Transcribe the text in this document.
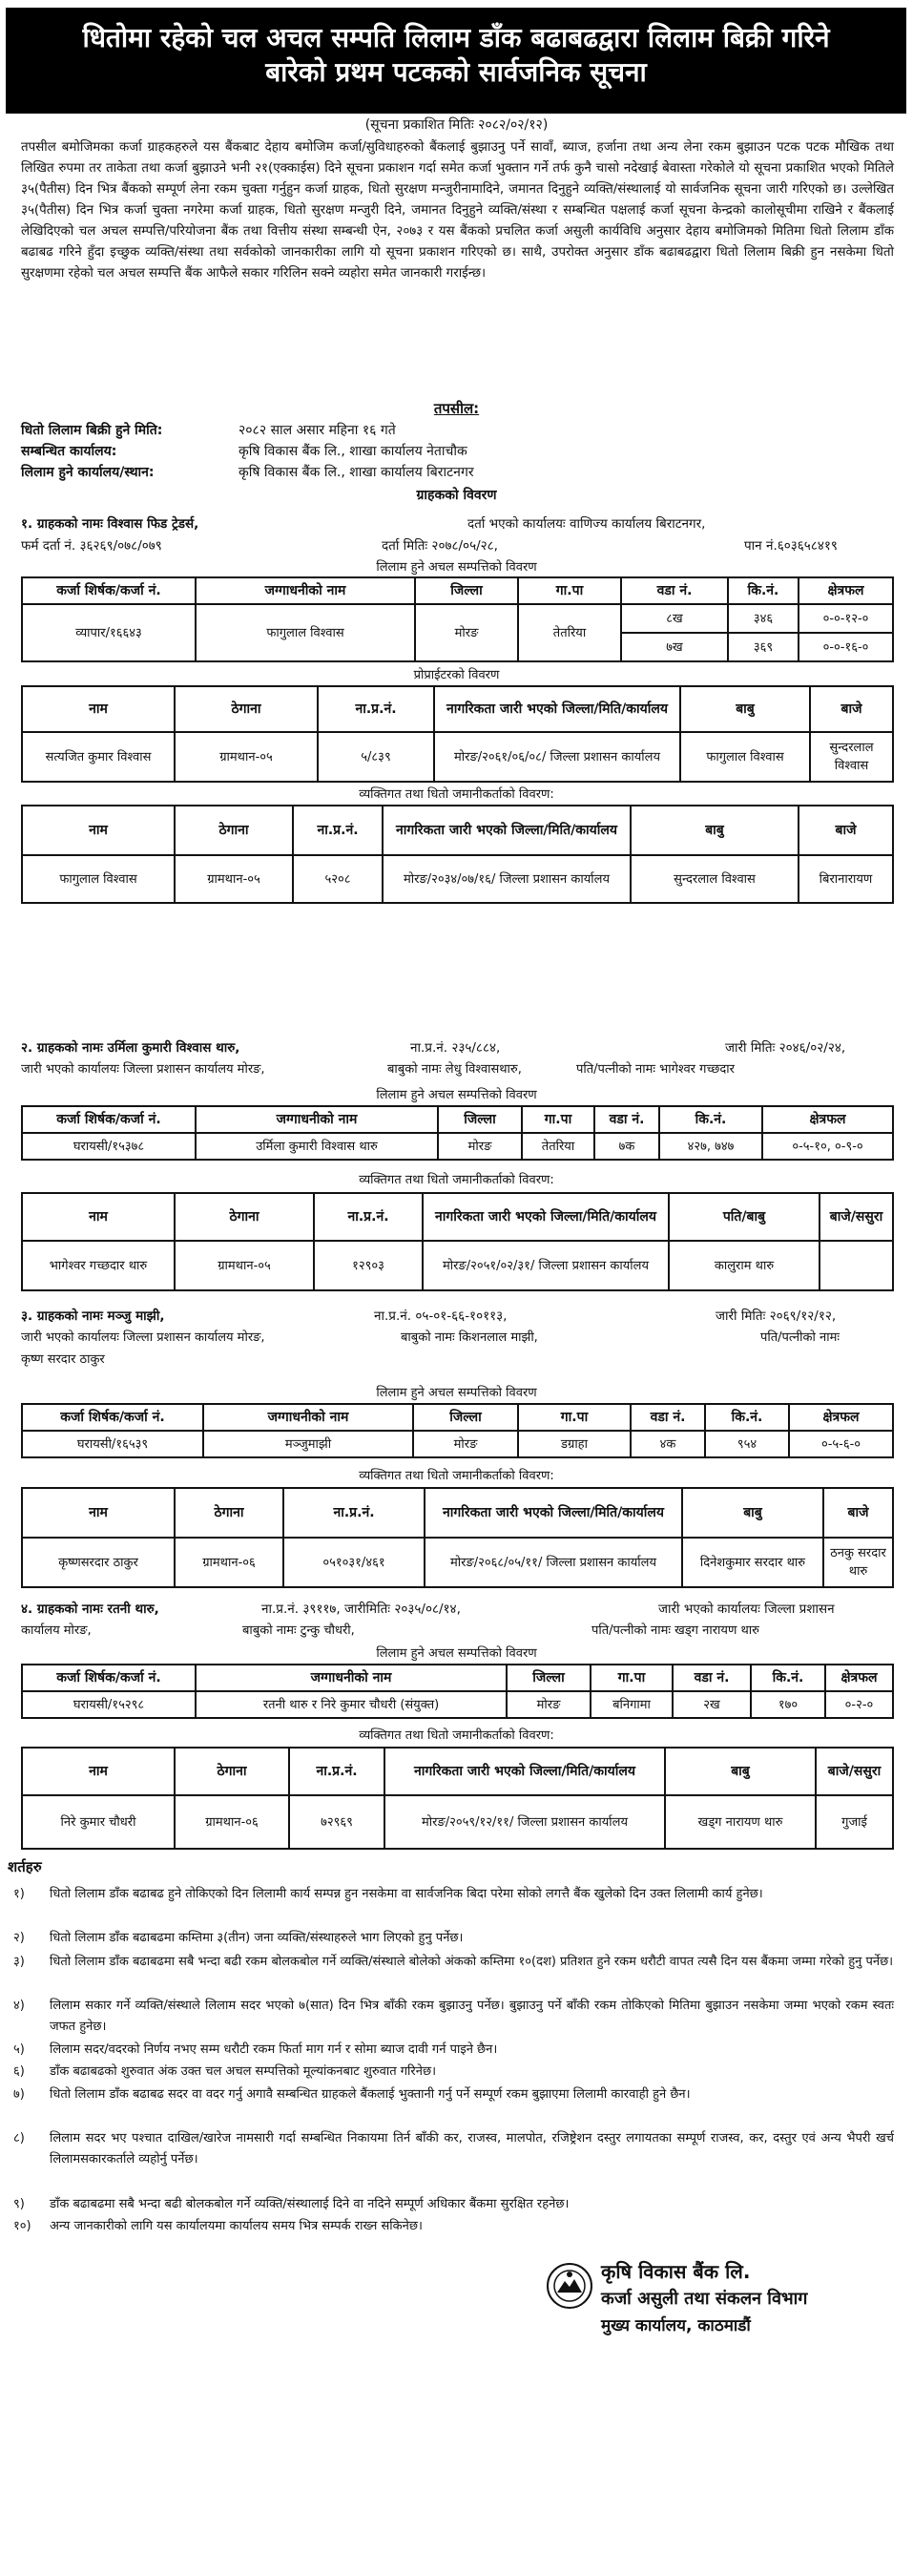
धितोमा रहेको चल अचल सम्पति लिलाम डाँक बढाबढद्वारा लिलाम बिक्री गरिने
बारेको प्रथम पटकको सार्वजनिक सूचना
(सूचना प्रकाशित मितिः २०८२/०२/१२)

तपसील बमोजिमका कर्जा ग्राहकहरुले यस बैंकबाट देहाय बमोजिम कर्जा/सुविधाहरुको बैंकलाई बुझाउनु पर्ने सावाँ, ब्याज, हर्जाना तथा अन्य लेना रकम बुझाउन पटक पटक मौखिक तथा लिखित रुपमा तर ताकेता तथा कर्जा बुझाउने भनी २१(एक्काईस) दिने सूचना प्रकाशन गर्दा समेत कर्जा भुक्तान गर्ने तर्फ कुनै चासो नदेखाई बेवास्ता गरेकोले यो सूचना प्रकाशित भएको मितिले ३५(पैतीस) दिन भित्र बैंकको सम्पूर्ण लेना रकम चुक्ता गर्नुहुन कर्जा ग्राहक, धितो सुरक्षण मन्जुरीनामादिने, जमानत दिनुहुने व्यक्ति/संस्थालाई यो सार्वजनिक सूचना जारी गरिएको छ। उल्लेखित ३५(पैतीस) दिन भित्र कर्जा चुक्ता नगरेमा कर्जा ग्राहक, धितो सुरक्षण मन्जुरी दिने, जमानत दिनुहुने व्यक्ति/संस्था र सम्बन्धित पक्षलाई कर्जा सूचना केन्द्रको कालोसूचीमा राखिने र बैंकलाई लेखिदिएको चल अचल सम्पत्ति/परियोजना बैंक तथा वित्तीय संस्था सम्बन्धी ऐन, २०७३ र यस बैंकको प्रचलित कर्जा असुली कार्यविधि अनुसार देहाय बमोजिमको मितिमा धितो लिलाम डाँक बढाबढ गरिने हुँदा इच्छुक व्यक्ति/संस्था तथा सर्वकोको जानकारीका लागि यो सूचना प्रकाशन गरिएको छ। साथै, उपरोक्त अनुसार डाँक बढाबढद्वारा धितो लिलाम बिक्री हुन नसकेमा धितो सुरक्षणमा रहेको चल अचल सम्पत्ति बैंक आफैले सकार गरिलिन सक्ने व्यहोरा समेत जानकारी गराईन्छ।

तपसील:
धितो लिलाम बिक्री हुने मिति:	२०८२ साल असार महिना १६ गते
सम्बन्धित कार्यालय:	कृषि विकास बैंक लि., शाखा कार्यालय नेताचौक
लिलाम हुने कार्यालय/स्थान:	कृषि विकास बैंक लि., शाखा कार्यालय बिराटनगर
ग्राहकको विवरण
१. ग्राहकको नामः विश्वास फिड ट्रेडर्स,	दर्ता भएको कार्यालयः वाणिज्य कार्यालय बिराटनगर,
फर्म दर्ता नं. ३६२६९/०७८/०७९	दर्ता मितिः २०७८/०५/२८,	पान नं.६०३६५८४१९
लिलाम हुने अचल सम्पत्तिको विवरण
कर्जा शिर्षक/कर्जा नं.	जग्गाधनीको नाम	जिल्ला	गा.पा	वडा नं.	कि.नं.	क्षेत्रफल
व्यापार/१६६४३	फागुलाल विश्वास	मोरङ	तेतरिया	८ख	३४६	०-०-१२-०
				७ख	३६९	०-०-१६-०
प्रोप्राईटरको विवरण
नाम	ठेगाना	ना.प्र.नं.	नागरिकता जारी भएको जिल्ला/मिति/कार्यालय	बाबु	बाजे
सत्यजित कुमार विश्वास	ग्रामथान-०५	५/८३९	मोरङ/२०६१/०६/०८/ जिल्ला प्रशासन कार्यालय	फागुलाल विश्वास	सुन्दरलाल विश्वास
व्यक्तिगत तथा धितो जमानीकर्ताको विवरण:
नाम	ठेगाना	ना.प्र.नं.	नागरिकता जारी भएको जिल्ला/मिति/कार्यालय	बाबु	बाजे
फागुलाल विश्वास	ग्रामथान-०५	५२०८	मोरङ/२०३४/०७/१६/ जिल्ला प्रशासन कार्यालय	सुन्दरलाल विश्वास	बिरानारायण
२. ग्राहकको नामः उर्मिला कुमारी विश्वास थारु,	ना.प्र.नं. २३५/८८४,	जारी मितिः २०४६/०२/२४,
जारी भएको कार्यालयः जिल्ला प्रशासन कार्यालय मोरङ,	बाबुको नामः लेधु विश्वासथारु,	पति/पत्नीको नामः भागेश्वर गच्छदार
लिलाम हुने अचल सम्पत्तिको विवरण
कर्जा शिर्षक/कर्जा नं.	जग्गाधनीको नाम	जिल्ला	गा.पा	वडा नं.	कि.नं.	क्षेत्रफल
घरायसी/१५३७८	उर्मिला कुमारी विश्वास थारु	मोरङ	तेतरिया	७क	४२७, ७४७	०-५-१०, ०-९-०
व्यक्तिगत तथा धितो जमानीकर्ताको विवरण:
नाम	ठेगाना	ना.प्र.नं.	नागरिकता जारी भएको जिल्ला/मिति/कार्यालय	पति/बाबु	बाजे/ससुरा
भागेश्वर गच्छदार थारु	ग्रामथान-०५	१२९०३	मोरङ/२०५१/०२/३१/ जिल्ला प्रशासन कार्यालय	कालुराम थारु	
३. ग्राहकको नामः मञ्जु माझी,	ना.प्र.नं. ०५-०१-६६-१०११३,	जारी मितिः २०६९/१२/१२,
जारी भएको कार्यालयः जिल्ला प्रशासन कार्यालय मोरङ,	बाबुको नामः किशनलाल माझी,	पति/पत्नीको नामः
कृष्ण सरदार ठाकुर
लिलाम हुने अचल सम्पत्तिको विवरण
कर्जा शिर्षक/कर्जा नं.	जग्गाधनीको नाम	जिल्ला	गा.पा	वडा नं.	कि.नं.	क्षेत्रफल
घरायसी/१६५३९	मञ्जुमाझी	मोरङ	डग्राहा	४क	९५४	०-५-६-०
व्यक्तिगत तथा धितो जमानीकर्ताको विवरण:
नाम	ठेगाना	ना.प्र.नं.	नागरिकता जारी भएको जिल्ला/मिति/कार्यालय	बाबु	बाजे
कृष्णसरदार ठाकुर	ग्रामथान-०६	०५१०३१/४६१	मोरङ/२०६८/०५/११/ जिल्ला प्रशासन कार्यालय	दिनेशकुमार सरदार थारु	ठनकु सरदार थारु
४. ग्राहकको नामः रतनी थारु,	ना.प्र.नं. ३९११७, जारीमितिः २०३५/०८/१४,	जारी भएको कार्यालयः जिल्ला प्रशासन
कार्यालय मोरङ,	बाबुको नामः टुन्कु चौधरी,	पति/पत्नीको नामः खड्ग नारायण थारु
लिलाम हुने अचल सम्पत्तिको विवरण
कर्जा शिर्षक/कर्जा नं.	जग्गाधनीको नाम	जिल्ला	गा.पा	वडा नं.	कि.नं.	क्षेत्रफल
घरायसी/१५२९८	रतनी थारु र निरे कुमार चौधरी (संयुक्त)	मोरङ	बनिगामा	२ख	१७०	०-२-०
व्यक्तिगत तथा धितो जमानीकर्ताको विवरण:
नाम	ठेगाना	ना.प्र.नं.	नागरिकता जारी भएको जिल्ला/मिति/कार्यालय	बाबु	बाजे/ससुरा
निरे कुमार चौधरी	ग्रामथान-०६	७२९६९	मोरङ/२०५९/१२/११/ जिल्ला प्रशासन कार्यालय	खड्ग नारायण थारु	गुजाई
शर्तहरु
१) धितो लिलाम डाँक बढाबढ हुने तोकिएको दिन लिलामी कार्य सम्पन्न हुन नसकेमा वा सार्वजनिक बिदा परेमा सोको लगत्तै बैंक खुलेको दिन उक्त लिलामी कार्य हुनेछ।
२) धितो लिलाम डाँक बढाबढमा कम्तिमा ३(तीन) जना व्यक्ति/संस्थाहरुले भाग लिएको हुनु पर्नेछ।
३) धितो लिलाम डाँक बढाबढमा सबै भन्दा बढी रकम बोलकबोल गर्ने व्यक्ति/संस्थाले बोलेको अंकको कम्तिमा १०(दश) प्रतिशत हुने रकम धरौटी वापत त्यसै दिन यस बैंकमा जम्मा गरेको हुनु पर्नेछ।
४) लिलाम सकार गर्ने व्यक्ति/संस्थाले लिलाम सदर भएको ७(सात) दिन भित्र बाँकी रकम बुझाउनु पर्नेछ। बुझाउनु पर्ने बाँकी रकम तोकिएको मितिमा बुझाउन नसकेमा जम्मा भएको रकम स्वतः जफत हुनेछ।
५) लिलाम सदर/वदरको निर्णय नभए सम्म धरौटी रकम फिर्ता माग गर्न र सोमा ब्याज दावी गर्न पाइने छैन।
६) डाँक बढाबढको शुरुवात अंक उक्त चल अचल सम्पत्तिको मूल्यांकनबाट शुरुवात गरिनेछ।
७) धितो लिलाम डाँक बढाबढ सदर वा वदर गर्नु अगावै सम्बन्धित ग्राहकले बैंकलाई भुक्तानी गर्नु पर्ने सम्पूर्ण रकम बुझाएमा लिलामी कारवाही हुने छैन।
८) लिलाम सदर भए पश्चात दाखिल/खारेज नामसारी गर्दा सम्बन्धित निकायमा तिर्न बाँकी कर, राजस्व, मालपोत, रजिष्ट्रेशन दस्तुर लगायतका सम्पूर्ण राजस्व, कर, दस्तुर एवं अन्य भैपरी खर्च लिलामसकारकर्ताले व्यहोर्नु पर्नेछ।
९) डाँक बढाबढमा सबै भन्दा बढी बोलकबोल गर्ने व्यक्ति/संस्थालाई दिने वा नदिने सम्पूर्ण अधिकार बैंकमा सुरक्षित रहनेछ।
१०) अन्य जानकारीको लागि यस कार्यालयमा कार्यालय समय भित्र सम्पर्क राख्न सकिनेछ।
कृषि विकास बैंक लि.
कर्जा असुली तथा संकलन विभाग
मुख्य कार्यालय, काठमाडौं
